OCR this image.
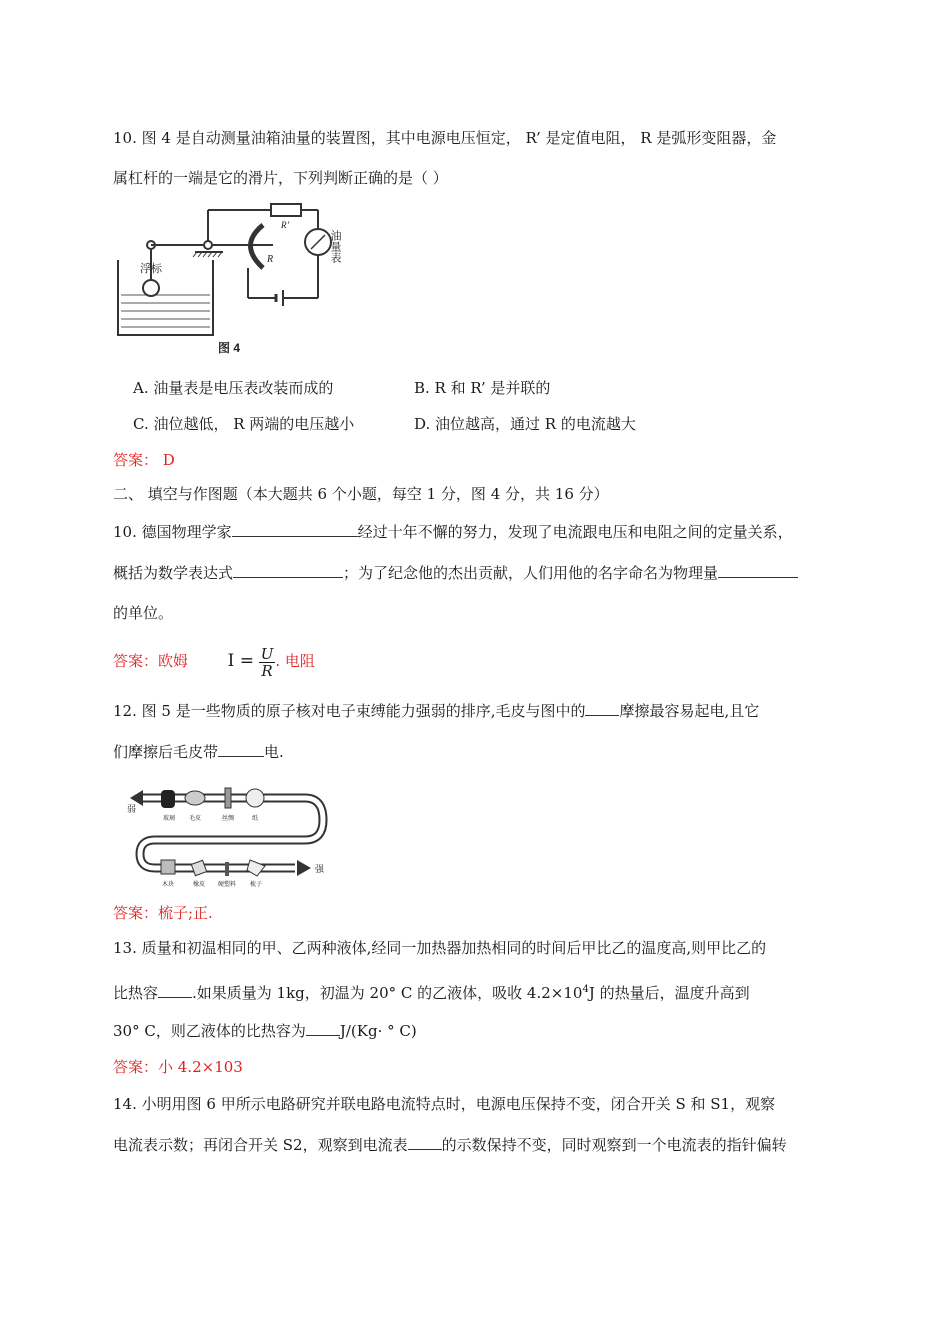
10. 图 4 是自动测量油箱油量的装置图，其中电源电压恒定， R’ 是定值电阻， R 是弧形变阻器，金
属杠杆的一端是它的滑片，下列判断正确的是（ ）
浮标
R
R’
油量表
图 4
A. 油量表是电压表改装而成的	B. R 和 R’ 是并联的
C. 油位越低， R 两端的电压越小	D. 油位越高，通过 R 的电流越大
答案： D
二、 填空与作图题（本大题共 6 个小题，每空 1 分，图 4 分，共 16 分）
10. 德国物理学家	经过十年不懈的努力，发现了电流跟电压和电阻之间的定量关系，
概括为数学表达式	；为了纪念他的杰出贡献，人们用他的名字命名为物理量
的单位。
答案：欧姆 $I = \frac{U}{R}$ . 电阻
12. 图 5 是一些物质的原子核对电子束缚能力强弱的排序,毛皮与图中的 摩擦最容易起电,且它
们摩擦后毛皮带	电.
弱
强
玻璃 毛皮	丝绸	纸
木块	橡皮 硬塑料 梳子
答案：梳子;正.
13. 质量和初温相同的甲、乙两种液体,经同一加热器加热相同的时间后甲比乙的温度高,则甲比乙的
比热容 .如果质量为 1kg，初温为 20° C 的乙液体，吸收 $4.2\times 10^4J$ 的热量后，温度升高到
30° C，则乙液体的比热容为 J/(Kg· ° C)
答案：小 4.2×103
14. 小明用图 6 甲所示电路研究并联电路电流特点时，电源电压保持不变，闭合开关 S 和 S1，观察
电流表示数；再闭合开关 S2，观察到电流表 的示数保持不变，同时观察到一个电流表的指针偏转
